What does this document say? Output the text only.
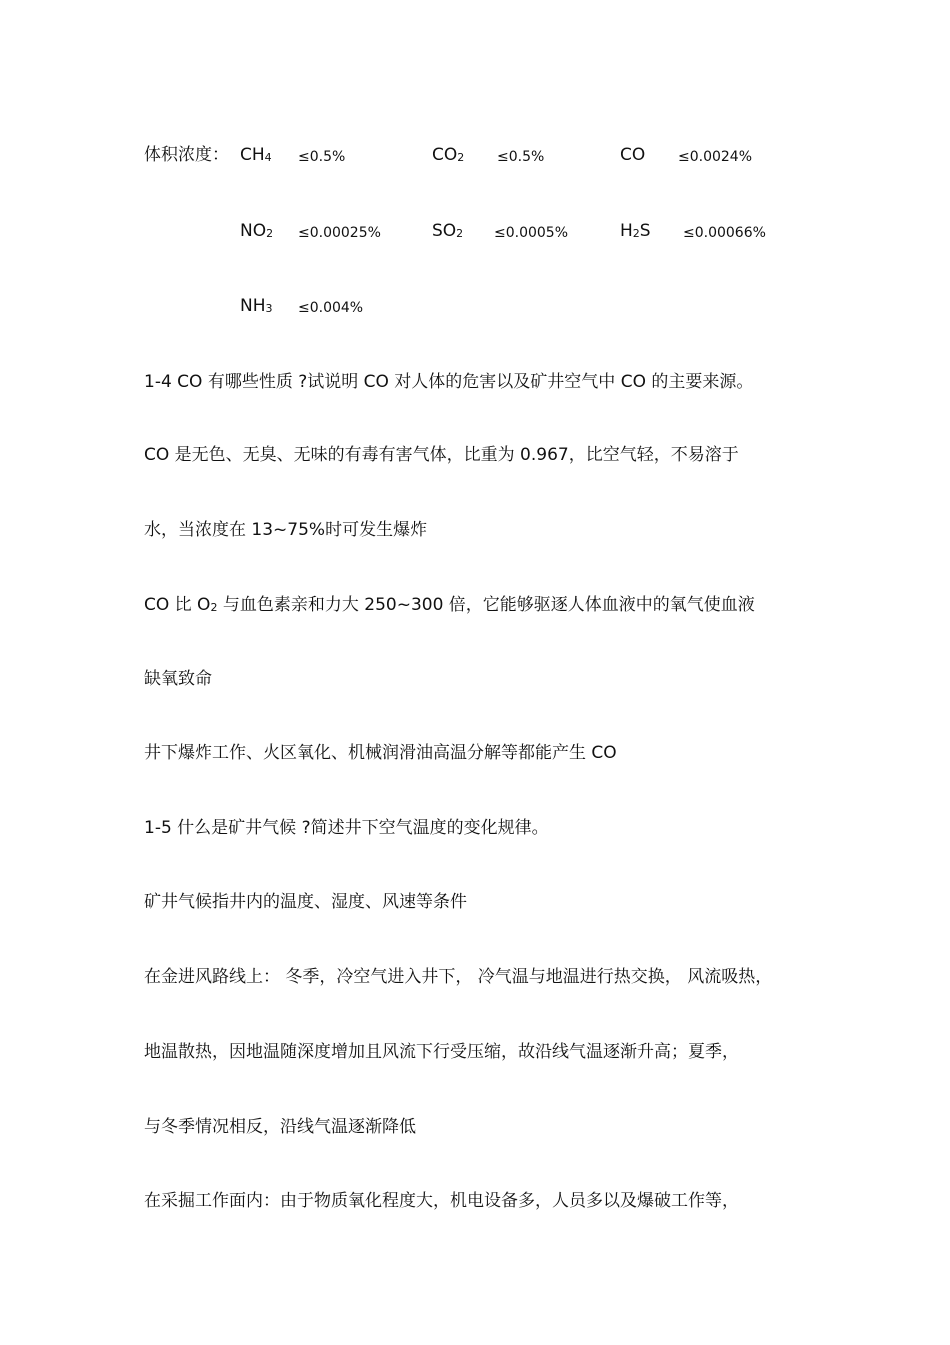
体积浓度： CH4 ≤0.5%	CO2 ≤0.5%	CO ≤0.0024%
NO2 ≤0.00025%	SO2 ≤0.0005%	H2S ≤0.00066%
NH3 ≤0.004%
1-4 CO 有哪些性质 ?试说明 CO 对人体的危害以及矿井空气中 CO 的主要来源。
CO 是无色、无臭、无味的有毒有害气体，比重为 0.967，比空气轻，不易溶于
水，当浓度在 13~75%时可发生爆炸
CO 比 O2 与血色素亲和力大 250~300 倍，它能够驱逐人体血液中的氧气使血液
缺氧致命
井下爆炸工作、火区氧化、机械润滑油高温分解等都能产生 CO
1-5 什么是矿井气候 ?简述井下空气温度的变化规律。
矿井气候指井内的温度、湿度、风速等条件
在金进风路线上： 冬季，冷空气进入井下， 冷气温与地温进行热交换， 风流吸热，
地温散热，因地温随深度增加且风流下行受压缩，故沿线气温逐渐升高；夏季，
与冬季情况相反，沿线气温逐渐降低
在采掘工作面内：由于物质氧化程度大，机电设备多，人员多以及爆破工作等，
